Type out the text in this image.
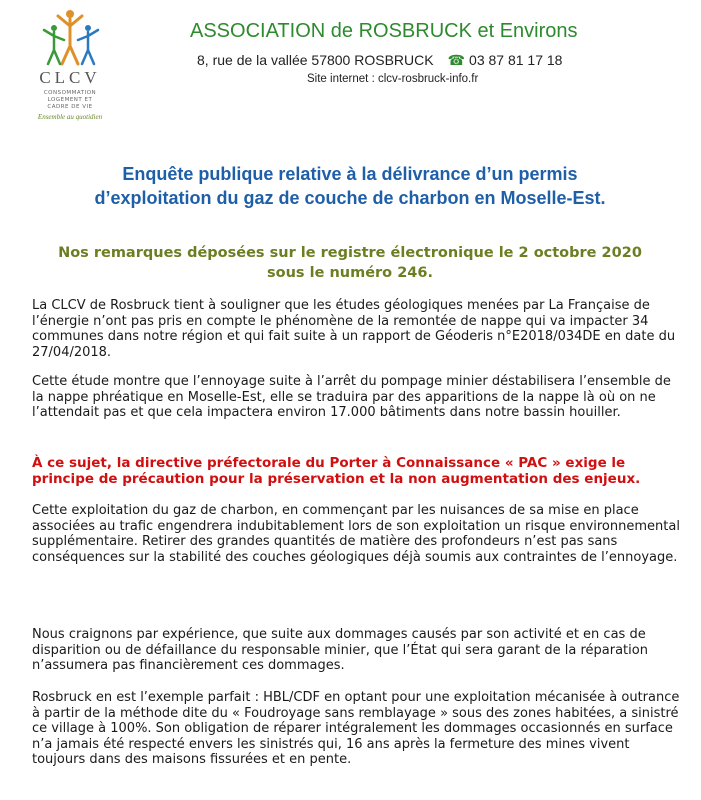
CLCV
CONSOMMATION
LOGEMENT ET
CADRE DE VIE
Ensemble au quotidien
ASSOCIATION de ROSBRUCK et Environs
8, rue de la vallée 57800 ROSBRUCK ☎ 03 87 81 17 18
Site internet : clcv-rosbruck-info.fr
Enquête publique relative à la délivrance d’un permis
d’exploitation du gaz de couche de charbon en Moselle-Est.
Nos remarques déposées sur le registre électronique le 2 octobre 2020
sous le numéro 246.

La CLCV de Rosbruck tient à souligner que les études géologiques menées par La Française de l’énergie n’ont pas pris en compte le phénomène de la remontée de nappe qui va impacter 34 communes dans notre région et qui fait suite à un rapport de Géoderis n°E2018/034DE en date du 27/04/2018.

Cette étude montre que l’ennoyage suite à l’arrêt du pompage minier déstabilisera l’ensemble de la nappe phréatique en Moselle-Est, elle se traduira par des apparitions de la nappe là où on ne l’attendait pas et que cela impactera environ 17.000 bâtiments dans notre bassin houiller.

À ce sujet, la directive préfectorale du Porter à Connaissance « PAC » exige le principe de précaution pour la préservation et la non augmentation des enjeux.

Cette exploitation du gaz de charbon, en commençant par les nuisances de sa mise en place associées au trafic engendrera indubitablement lors de son exploitation un risque environnemental supplémentaire. Retirer des grandes quantités de matière des profondeurs n’est pas sans conséquences sur la stabilité des couches géologiques déjà soumis aux contraintes de l’ennoyage.

Nous craignons par expérience, que suite aux dommages causés par son activité et en cas de disparition ou de défaillance du responsable minier, que l’État qui sera garant de la réparation n’assumera pas financièrement ces dommages.

Rosbruck en est l’exemple parfait : HBL/CDF en optant pour une exploitation mécanisée à outrance à partir de la méthode dite du « Foudroyage sans remblayage » sous des zones habitées, a sinistré ce village à 100%. Son obligation de réparer intégralement les dommages occasionnés en surface n’a jamais été respecté envers les sinistrés qui, 16 ans après la fermeture des mines vivent toujours dans des maisons fissurées et en pente.
